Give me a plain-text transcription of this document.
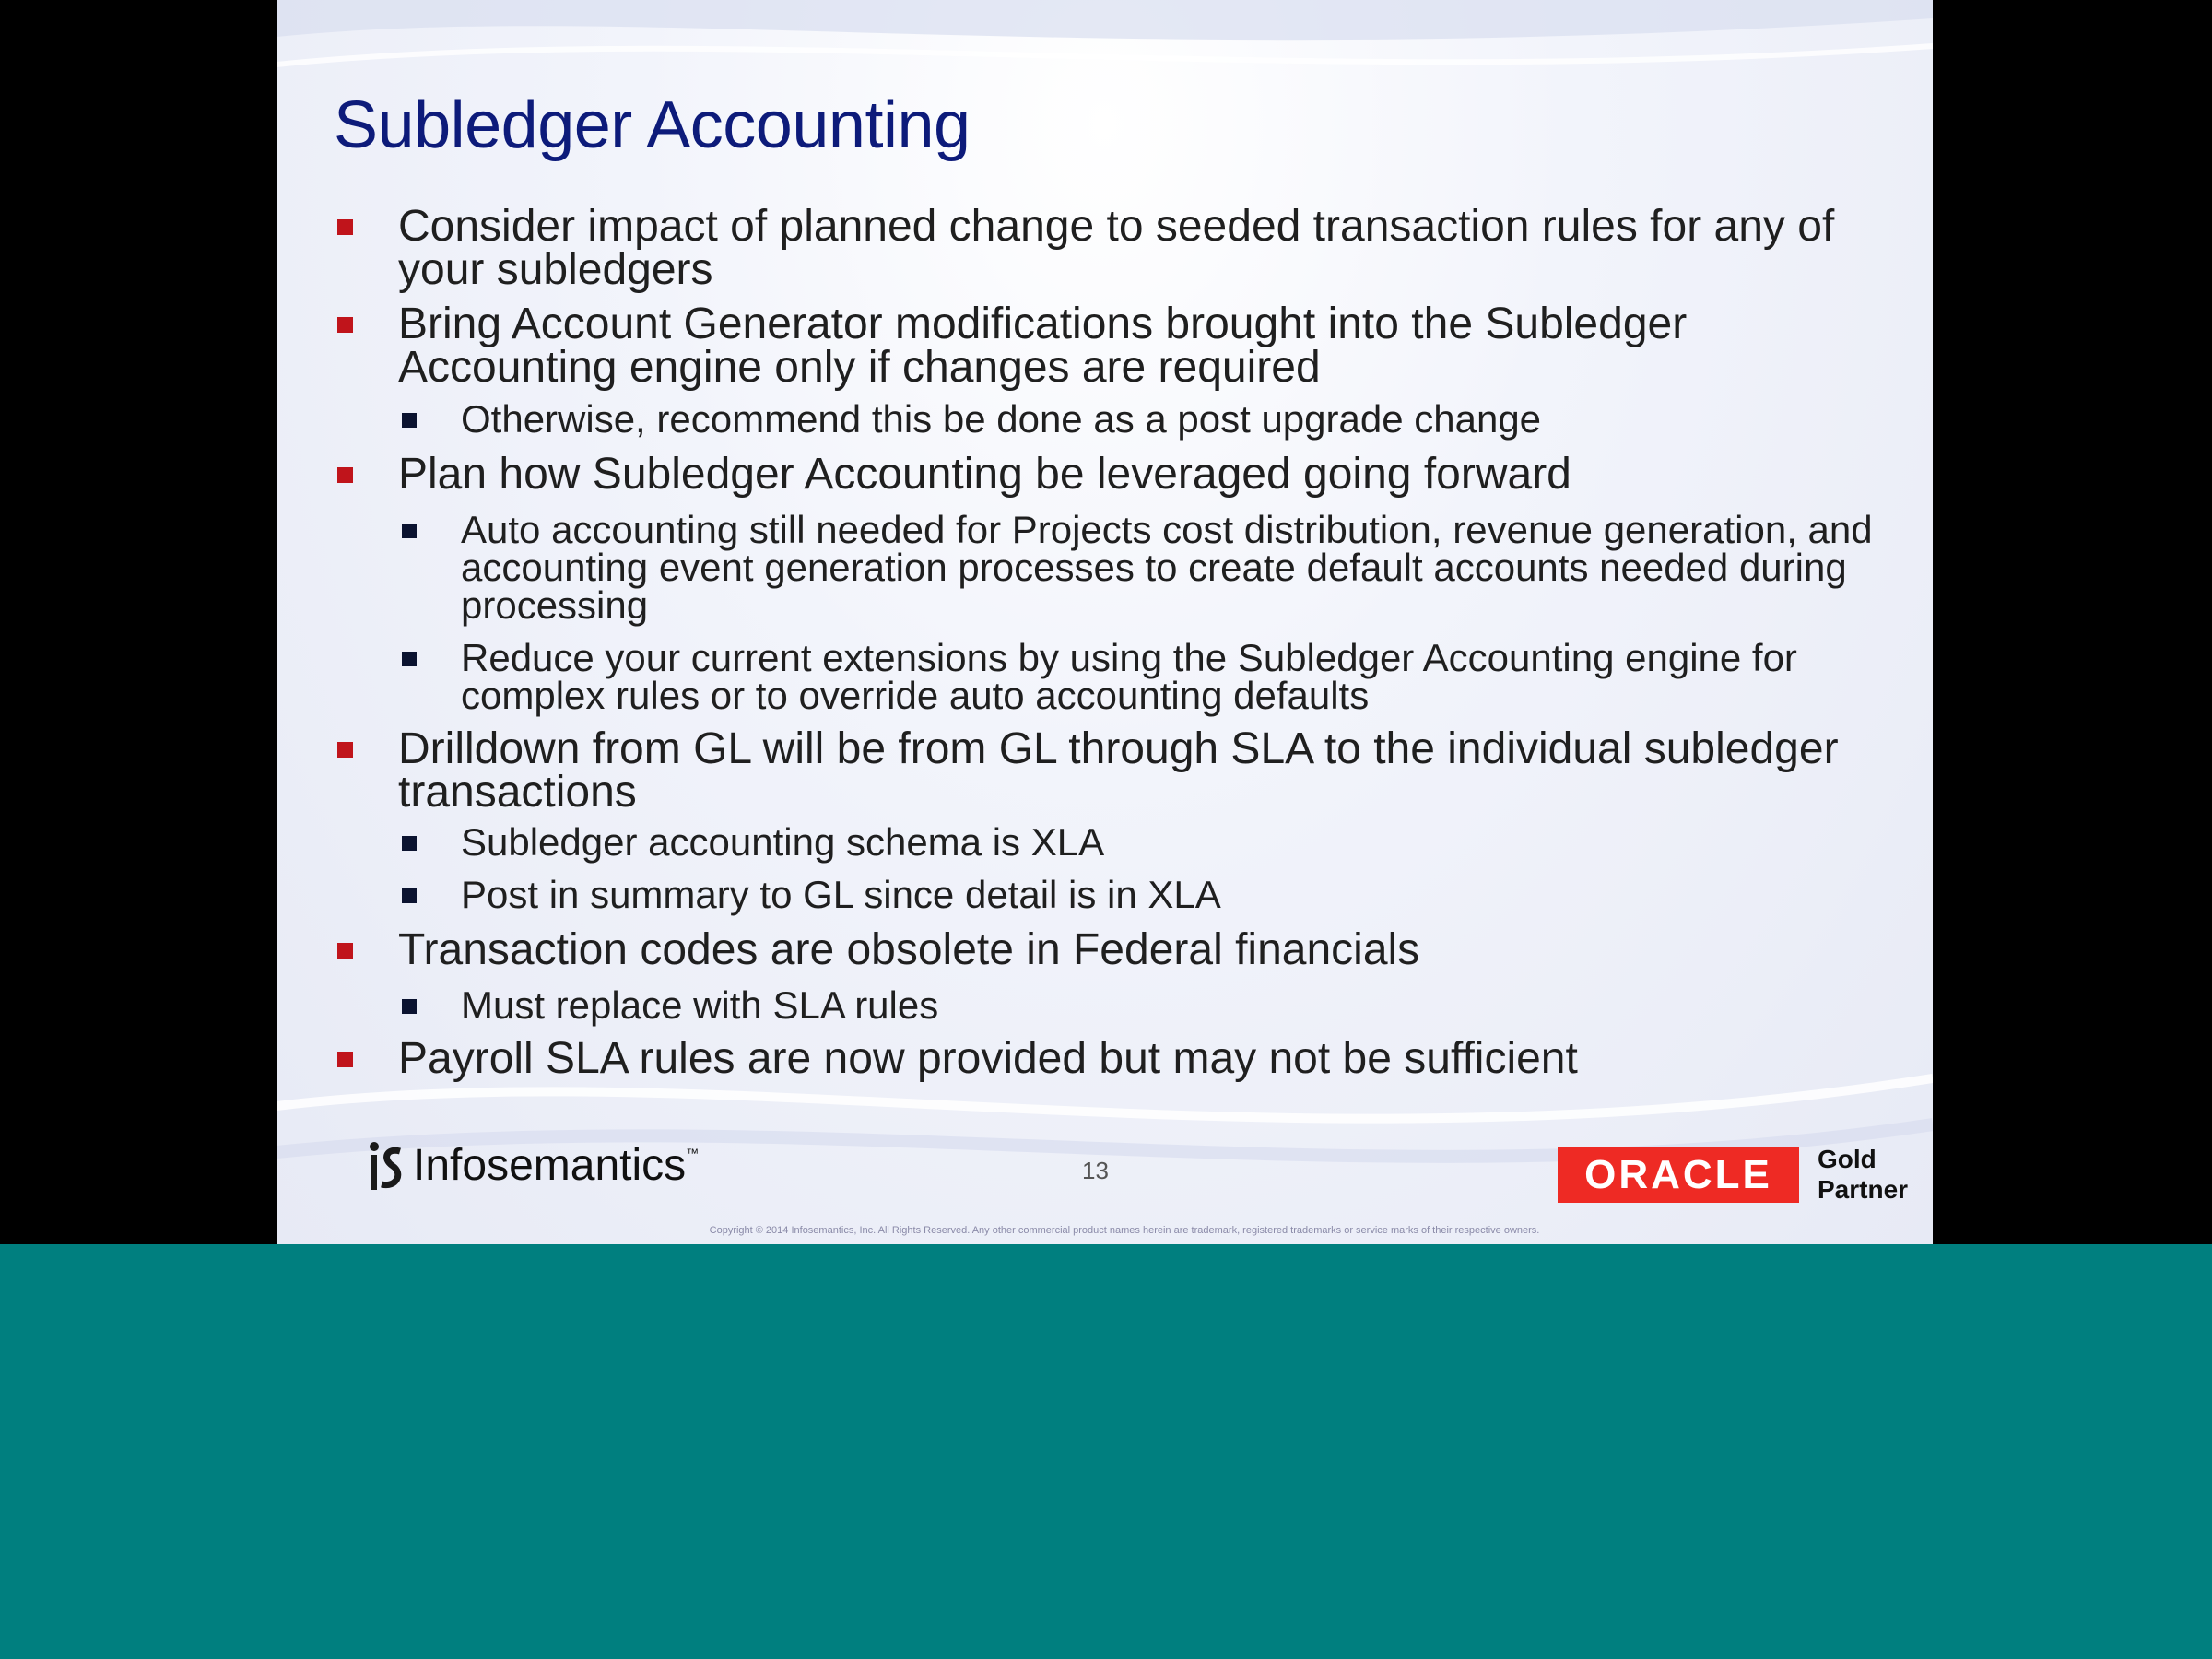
Subledger Accounting
Consider impact of planned change to seeded transaction rules for any of your subledgers
Bring Account Generator modifications brought into the Subledger Accounting engine only if changes are required
Otherwise, recommend this be done as a post upgrade change
Plan how Subledger Accounting be leveraged going forward
Auto accounting still needed for Projects cost distribution, revenue generation, and accounting event generation processes to create default accounts needed during processing
Reduce your current extensions by using the Subledger Accounting engine for complex rules or to override auto accounting defaults
Drilldown from GL will be from GL through SLA to the individual subledger transactions
Subledger accounting schema is XLA
Post in summary to GL since detail is in XLA
Transaction codes are obsolete in Federal financials
Must replace with SLA rules
Payroll SLA rules are now provided but may not be sufficient
Infosemantics™
13	ORACLE	Gold
Partner
Copyright © 2014 Infosemantics, Inc. All Rights Reserved. Any other commercial product names herein are trademark, registered trademarks or service marks of their respective owners.
